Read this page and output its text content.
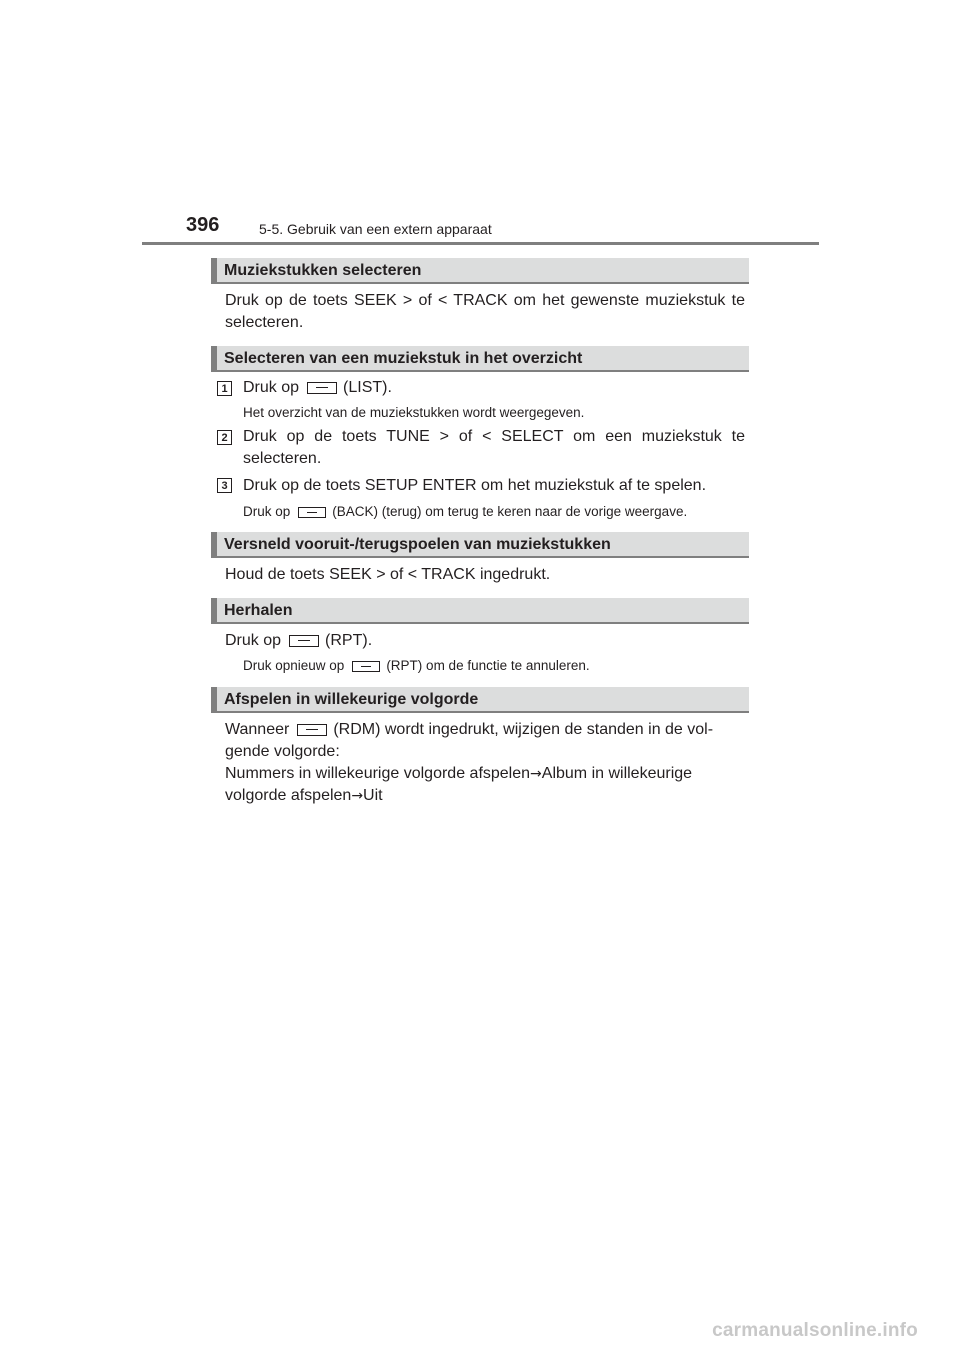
396	5-5. Gebruik van een extern apparaat
Muziekstukken selecteren
Druk op de toets SEEK > of < TRACK om het gewenste muziekstuk te selecteren.
Selecteren van een muziekstuk in het overzicht
1 Druk op	(LIST).
Het overzicht van de muziekstukken wordt weergegeven.
2 Druk op de toets TUNE > of < SELECT om een muziekstuk te selecteren.
3 Druk op de toets SETUP ENTER om het muziekstuk af te spelen.
Druk op	(BACK) (terug) om terug te keren naar de vorige weergave.
Versneld vooruit-/terugspoelen van muziekstukken
Houd de toets SEEK > of < TRACK ingedrukt.
Herhalen
Druk op	(RPT).
Druk opnieuw op	(RPT) om de functie te annuleren.
Afspelen in willekeurige volgorde
Wanneer	(RDM) wordt ingedrukt, wijzigen de standen in de vol-
gende volgorde:
Nummers in willekeurige volgorde afspelen→Album in willekeurige
volgorde afspelen→Uit
carmanualsonline.info
